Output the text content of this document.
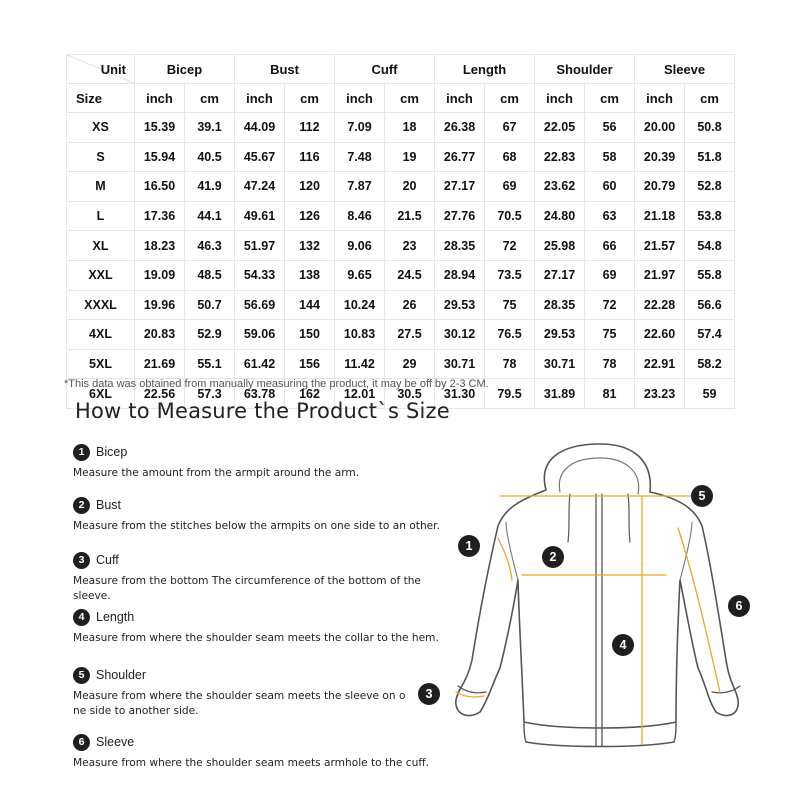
Unit	Bicep		Bust		Cuff		Length		Shoulder		Sleeve	

Size	inch	cm	inch	cm	inch	cm	inch	cm	inch	cm	inch	cm
XS	15.39	39.1	44.09	112	7.09	18	26.38	67	22.05	56	20.00	50.8
S	15.94	40.5	45.67	116	7.48	19	26.77	68	22.83	58	20.39	51.8
M	16.50	41.9	47.24	120	7.87	20	27.17	69	23.62	60	20.79	52.8
L	17.36	44.1	49.61	126	8.46	21.5	27.76	70.5	24.80	63	21.18	53.8
XL	18.23	46.3	51.97	132	9.06	23	28.35	72	25.98	66	21.57	54.8
XXL	19.09	48.5	54.33	138	9.65	24.5	28.94	73.5	27.17	69	21.97	55.8
XXXL	19.96	50.7	56.69	144	10.24	26	29.53	75	28.35	72	22.28	56.6
4XL	20.83	52.9	59.06	150	10.83	27.5	30.12	76.5	29.53	75	22.60	57.4
5XL	21.69	55.1	61.42	156	11.42	29	30.71	78	30.71	78	22.91	58.2
6XL	22.56	57.3	63.78	162	12.01	30.5	31.30	79.5	31.89	81	23.23	59
*This data was obtained from manually measuring the product, it may be off by 2-3 CM.
How to Measure the Product`s Size
1 Bicep
Measure the amount from the armpit around the arm.
2 Bust
Measure from the stitches below the armpits on one side to an other.
3 Cuff
Measure from the bottom The circumference of the bottom of the sleeve.
4 Length
Measure from where the shoulder seam meets the collar to the hem.
5 Shoulder
Measure from where the shoulder seam meets the sleeve on o
ne side to another side.
6 Sleeve
Measure from where the shoulder seam meets armhole to the cuff.
1
2
3
4
5
6
